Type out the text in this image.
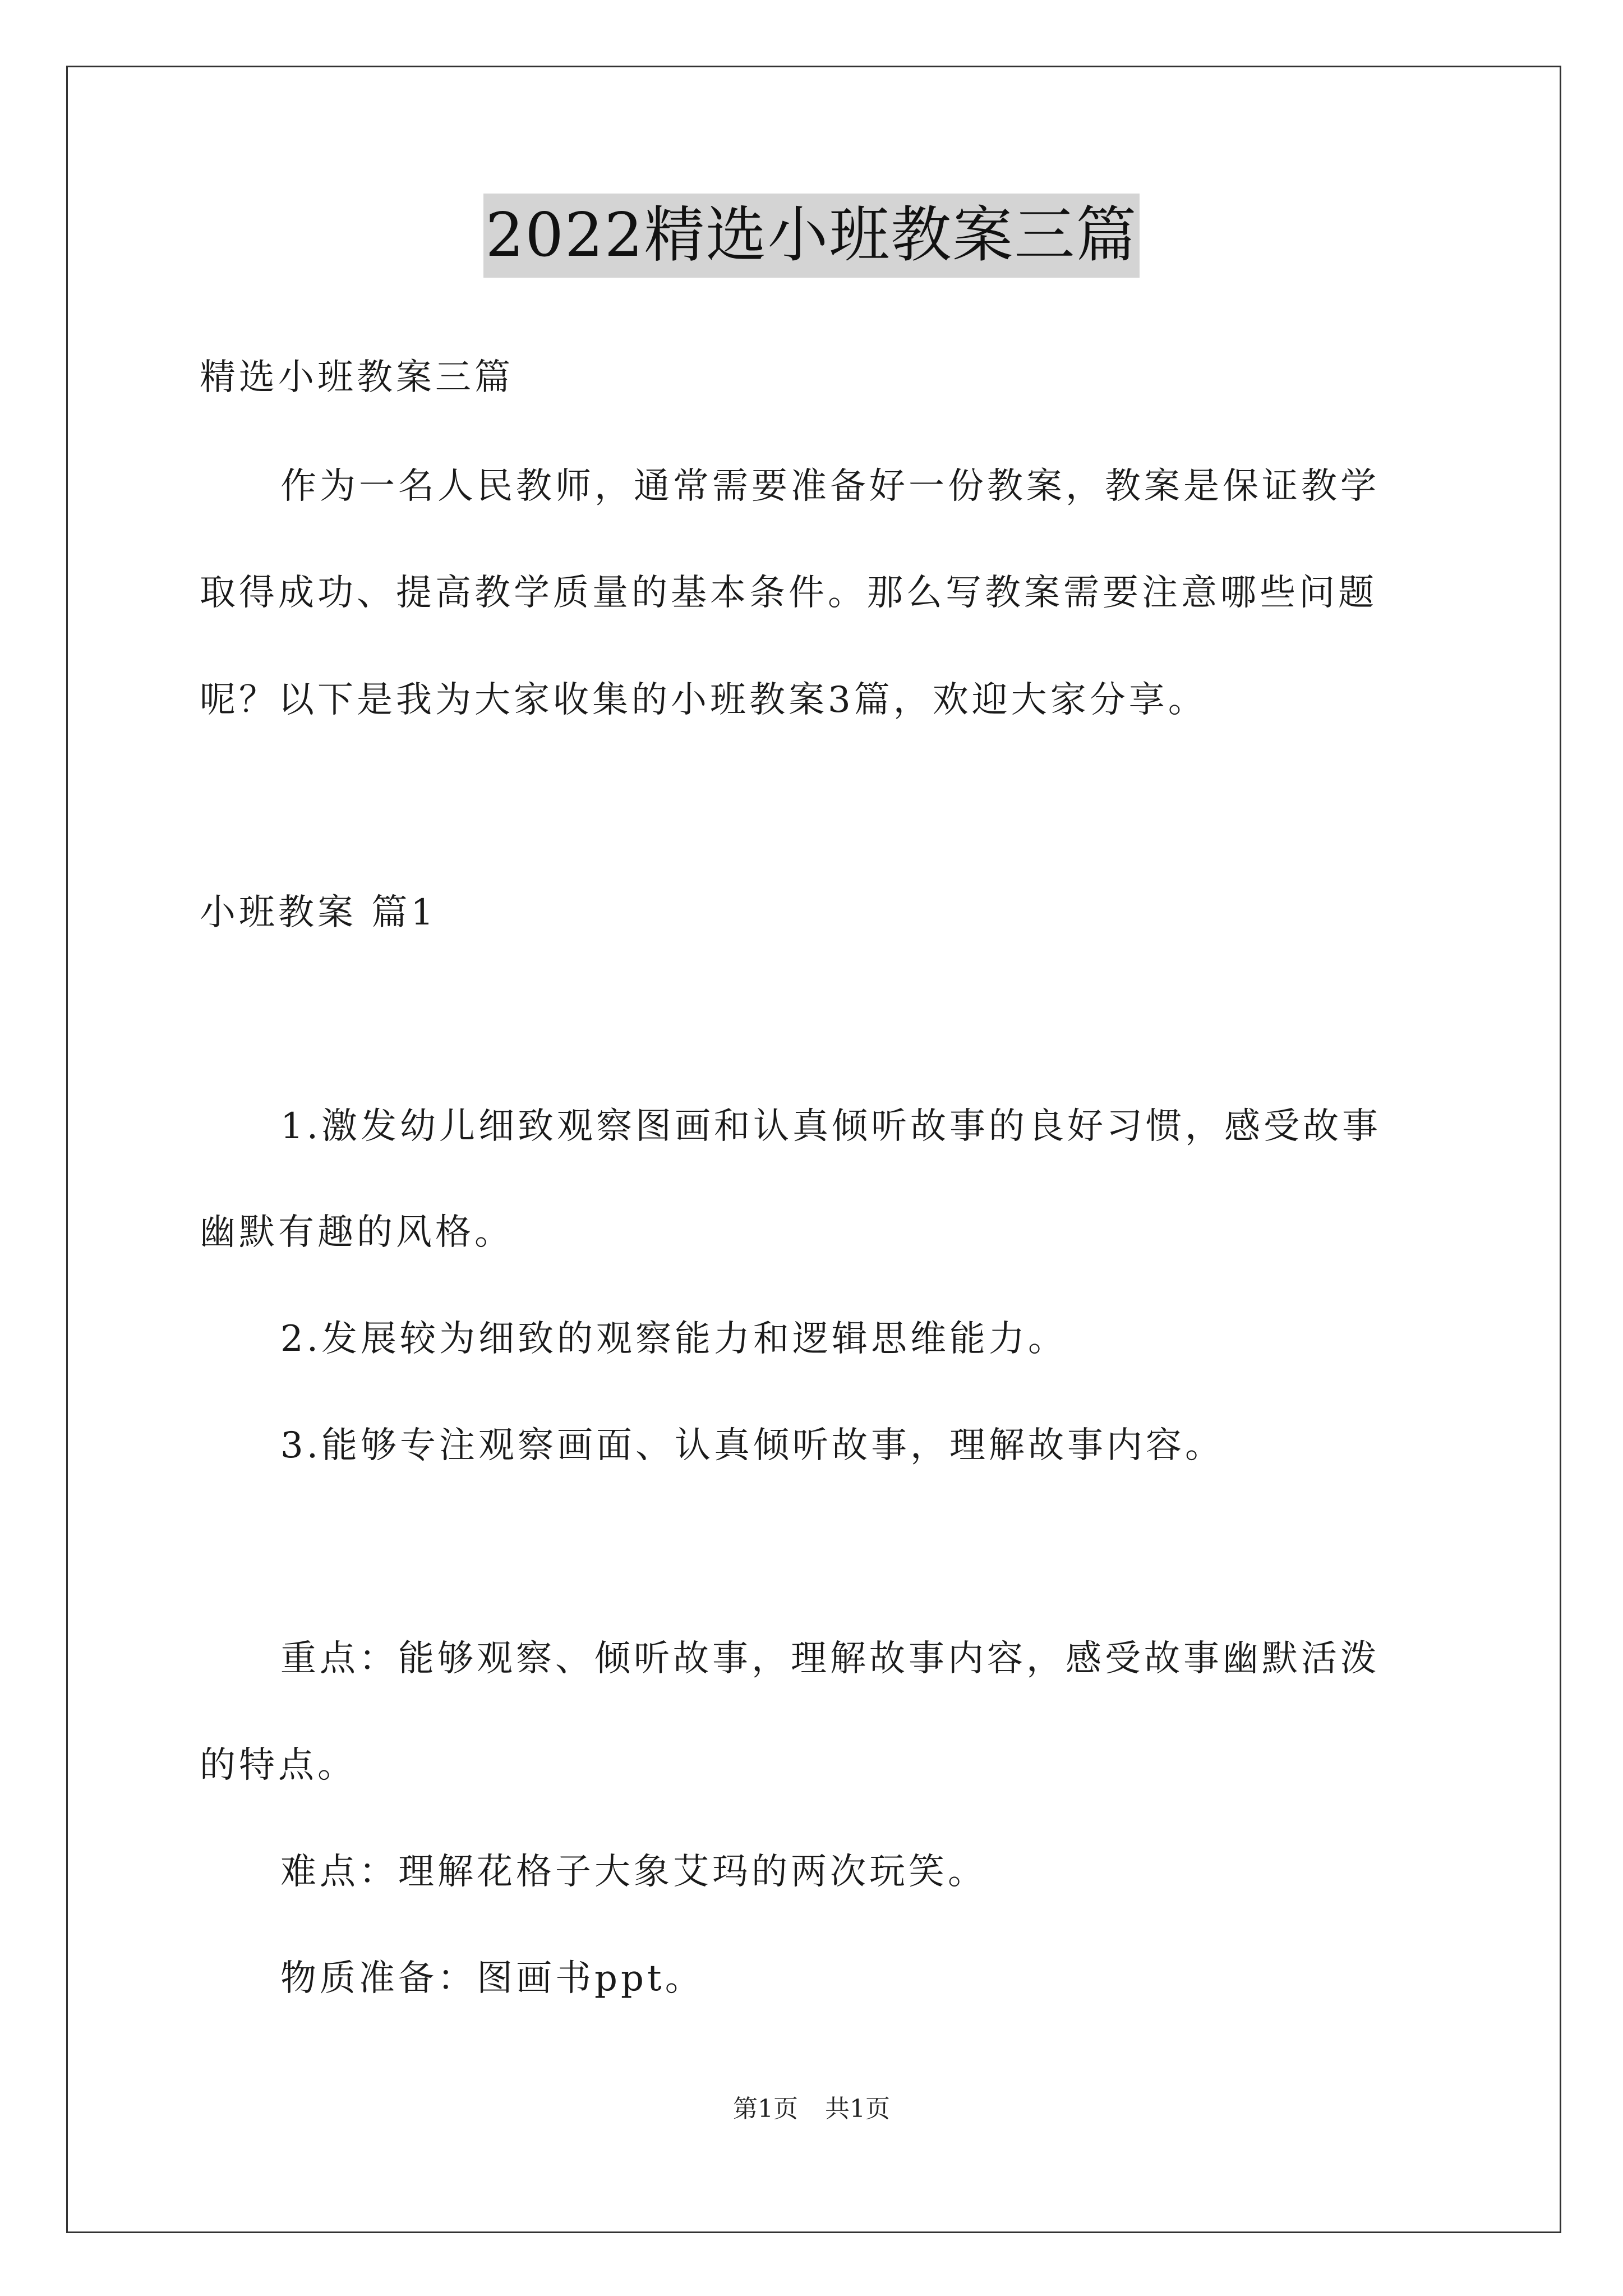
2022精选小班教案三篇
精选小班教案三篇
作为一名人民教师，通常需要准备好一份教案，教案是保证教学
取得成功、提高教学质量的基本条件。那么写教案需要注意哪些问题
呢？以下是我为大家收集的小班教案3篇，欢迎大家分享。
小班教案 篇1
1.激发幼儿细致观察图画和认真倾听故事的良好习惯，感受故事
幽默有趣的风格。
2.发展较为细致的观察能力和逻辑思维能力。
3.能够专注观察画面、认真倾听故事，理解故事内容。
重点：能够观察、倾听故事，理解故事内容，感受故事幽默活泼
的特点。
难点：理解花格子大象艾玛的两次玩笑。
物质准备：图画书ppt。
第1页 共1页
